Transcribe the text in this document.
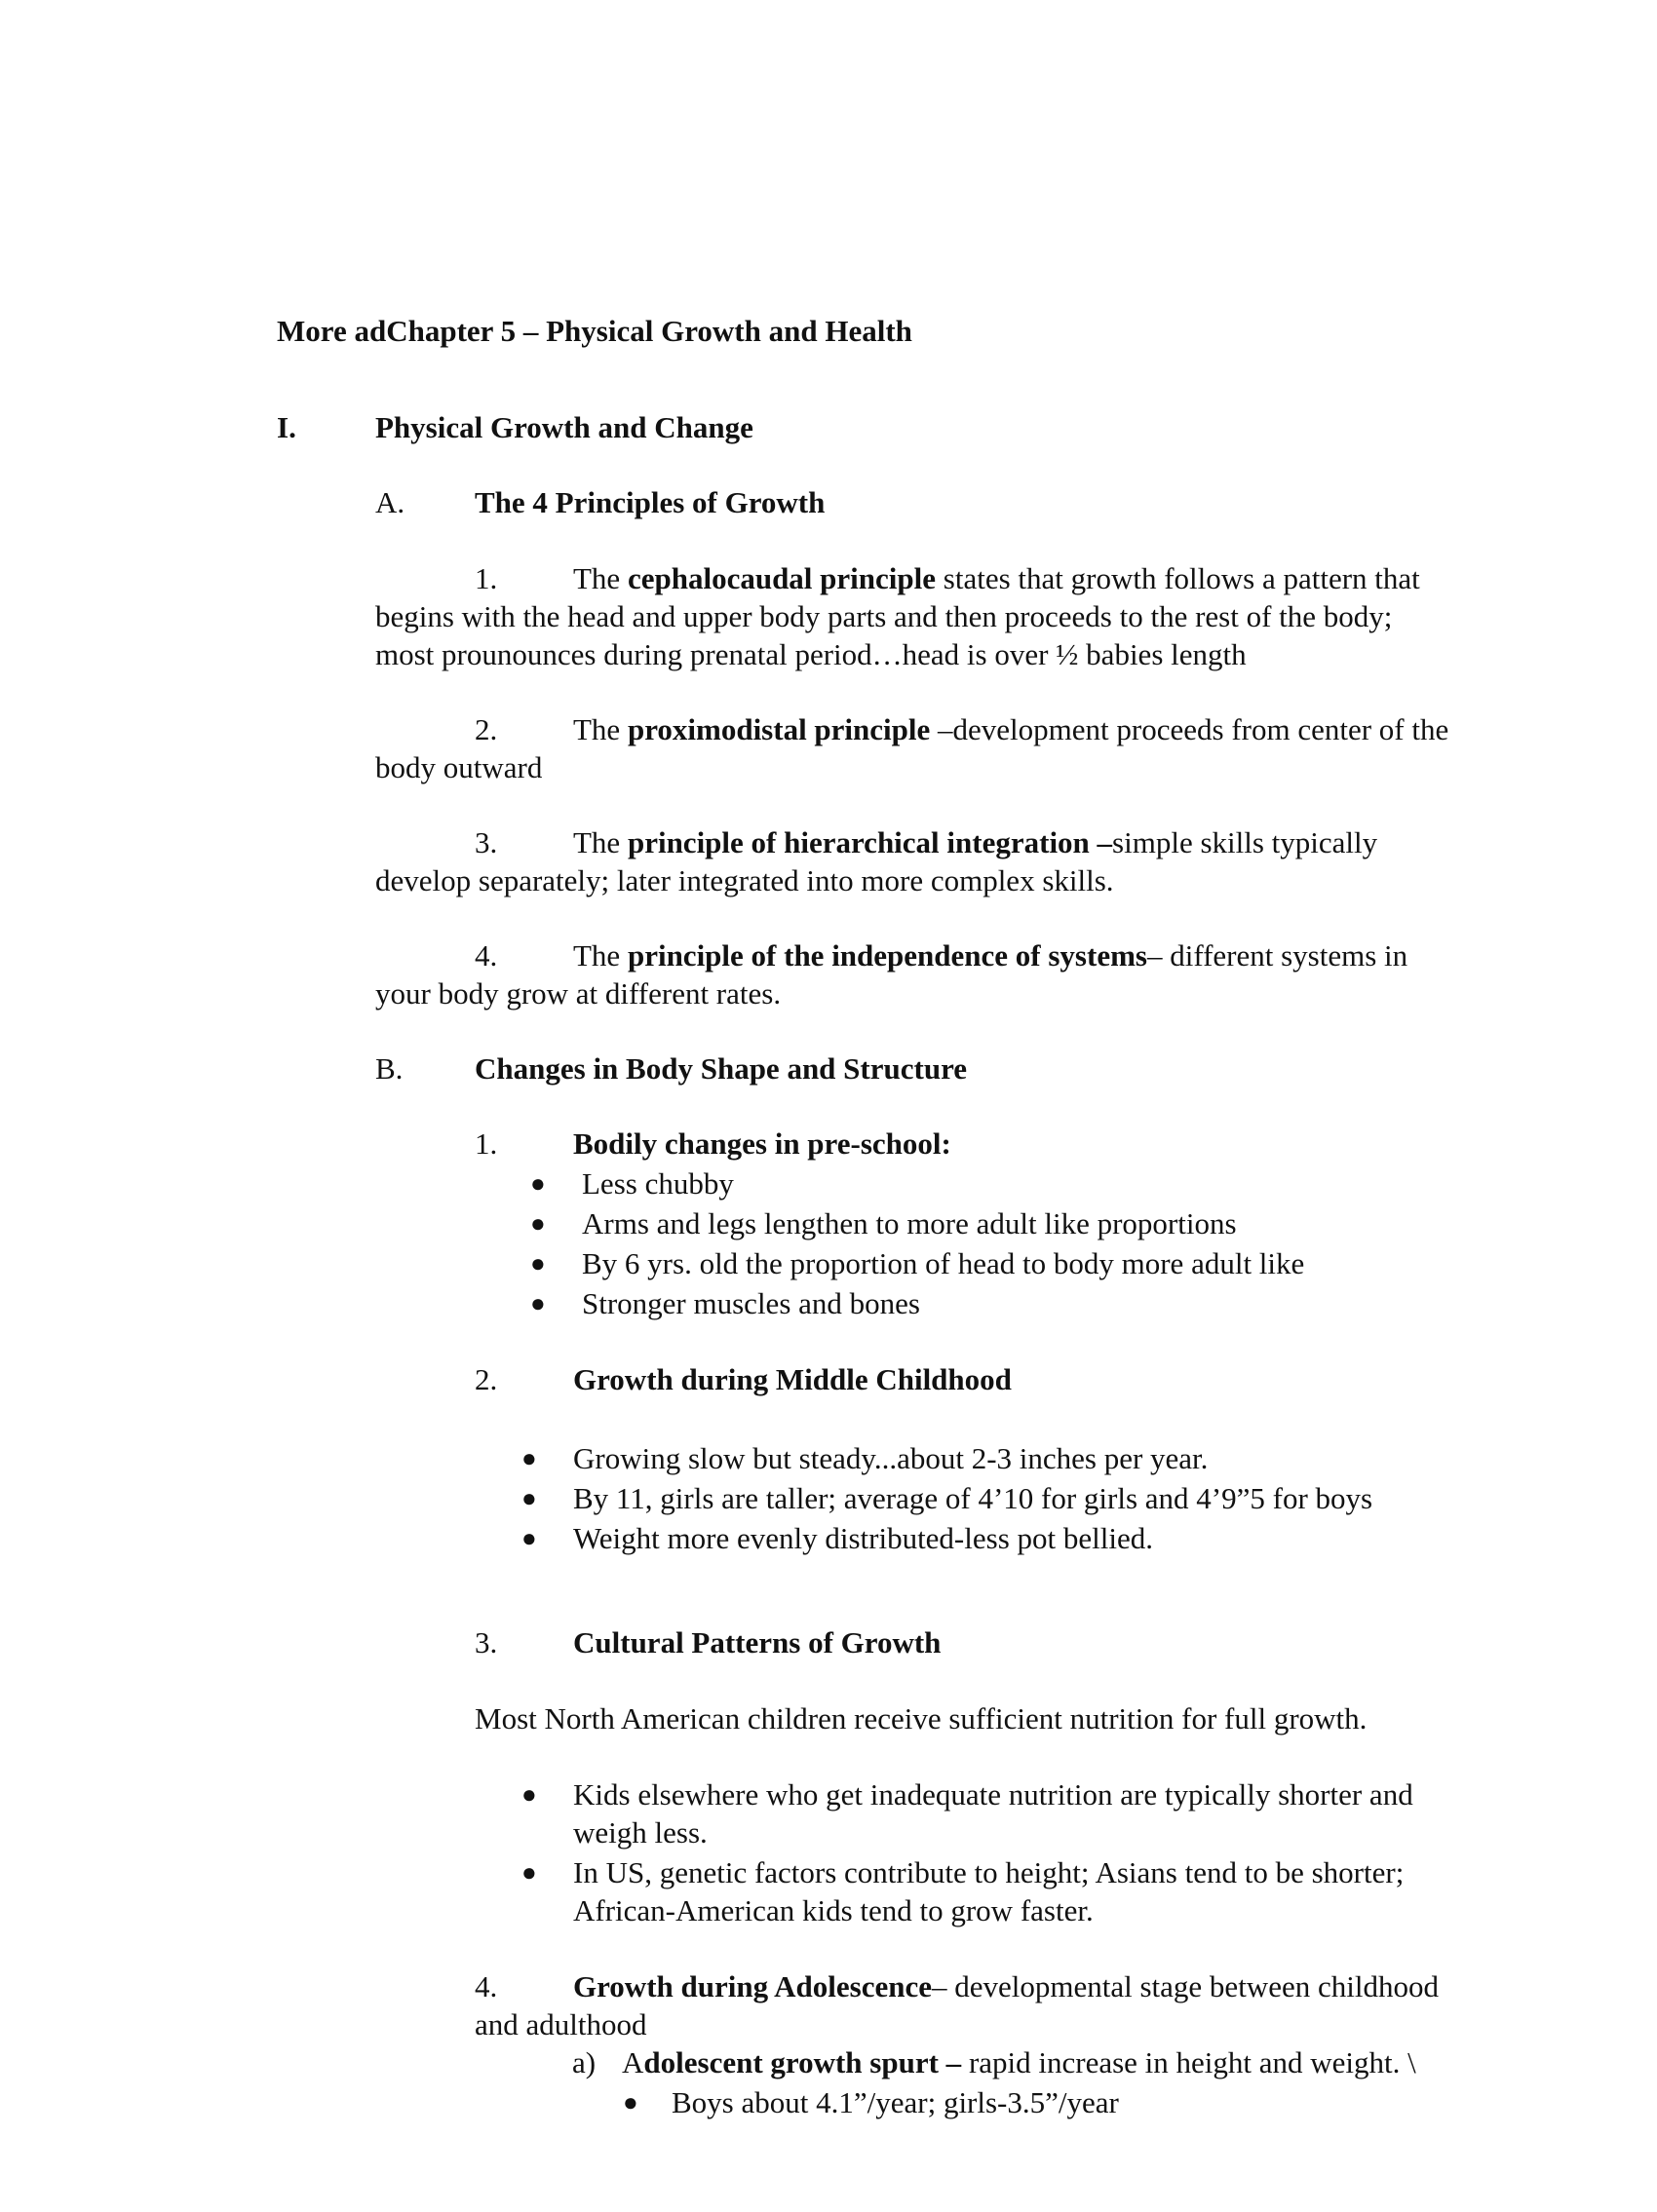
More adChapter 5 – Physical Growth and Health
I.	Physical Growth and Change
A. The 4 Principles of Growth
1.	The cephalocaudal principle states that growth follows a pattern that
begins with the head and upper body parts and then proceeds to the rest of the body;
most prounounces during prenatal period…head is over ½ babies length
2.	The proximodistal principle –development proceeds from center of the
body outward
3.	The principle of hierarchical integration –simple skills typically
develop separately; later integrated into more complex skills.
4.	The principle of the independence of systems– different systems in
your body grow at different rates.
B. Changes in Body Shape and Structure
1.	Bodily changes in pre-school:
● Less chubby
● Arms and legs lengthen to more adult like proportions
● By 6 yrs. old the proportion of head to body more adult like
● Stronger muscles and bones
2.	Growth during Middle Childhood
● Growing slow but steady...about 2-3 inches per year.
● By 11, girls are taller; average of 4’10 for girls and 4’9”5 for boys
● Weight more evenly distributed-less pot bellied.
3.	Cultural Patterns of Growth
Most North American children receive sufficient nutrition for full growth.
● Kids elsewhere who get inadequate nutrition are typically shorter and
weigh less.
● In US, genetic factors contribute to height; Asians tend to be shorter;
African-American kids tend to grow faster.
4.	Growth during Adolescence– developmental stage between childhood
and adulthood
a) Adolescent growth spurt – rapid increase in height and weight. \
● Boys about 4.1”/year; girls-3.5”/year
